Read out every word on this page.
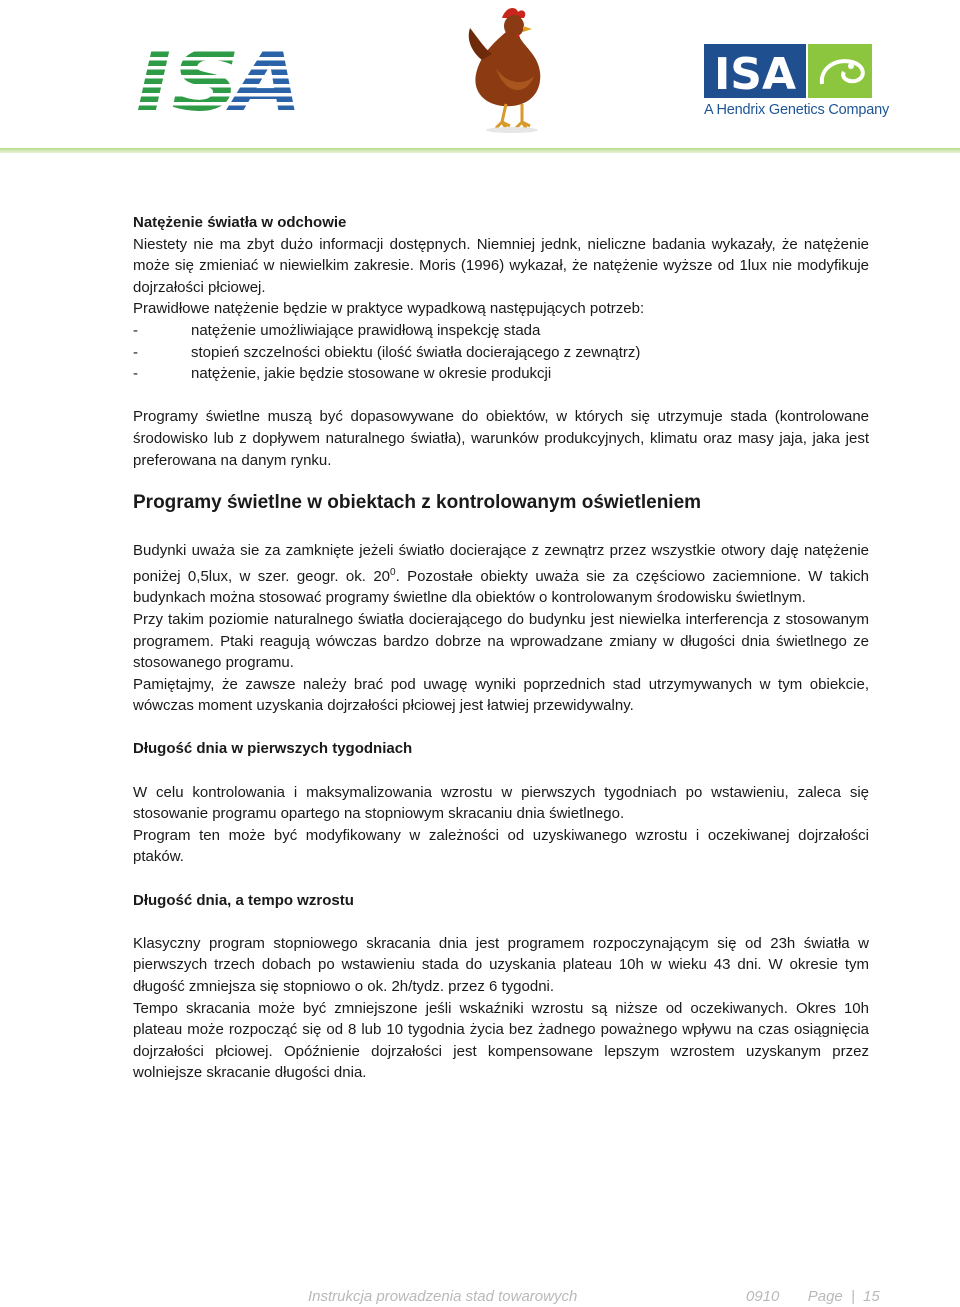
ISA
A Hendrix Genetics Company
Natężenie światła w odchowie

Niestety nie ma zbyt dużo informacji dostępnych. Niemniej jednk, nieliczne badania wykazały, że natężenie może się zmieniać w niewielkim zakresie. Moris (1996) wykazał, że natężenie wyższe od 1lux nie modyfikuje dojrzałości płciowej.

Prawidłowe natężenie będzie w praktyce wypadkową następujących potrzeb:

-	natężenie umożliwiające prawidłową inspekcję stada
-	stopień szczelności obiektu (ilość światła docierającego z zewnątrz)
-	natężenie, jakie będzie stosowane w okresie produkcji

Programy świetlne muszą być dopasowywane do obiektów, w których się utrzymuje stada (kontrolowane środowisko lub z dopływem naturalnego światła), warunków produkcyjnych, klimatu oraz masy jaja, jaka jest preferowana na danym rynku.

Programy świetlne w obiektach z kontrolowanym oświetleniem

Budynki uważa sie za zamknięte jeżeli światło docierające z zewnątrz przez wszystkie otwory daję natężenie poniżej 0,5lux, w szer. geogr. ok. $20^0$. Pozostałe obiekty uważa sie za częściowo zaciemnione. W takich budynkach można stosować programy świetlne dla obiektów o kontrolowanym środowisku świetlnym.

Przy takim poziomie naturalnego światła docierającego do budynku jest niewielka interferencja z stosowanym programem. Ptaki reagują wówczas bardzo dobrze na wprowadzane zmiany w długości dnia świetlnego ze stosowanego programu.

Pamiętajmy, że zawsze należy brać pod uwagę wyniki poprzednich stad utrzymywanych w tym obiekcie, wówczas moment uzyskania dojrzałości płciowej jest łatwiej przewidywalny.

Długość dnia w pierwszych tygodniach

W celu kontrolowania i maksymalizowania wzrostu w pierwszych tygodniach po wstawieniu, zaleca się stosowanie programu opartego na stopniowym skracaniu dnia świetlnego.

Program ten może być modyfikowany w zależności od uzyskiwanego wzrostu i oczekiwanej dojrzałości ptaków.

Długość dnia, a tempo wzrostu

Klasyczny program stopniowego skracania dnia jest programem rozpoczynającym się od 23h światła w pierwszych trzech dobach po wstawieniu stada do uzyskania plateau 10h w wieku 43 dni. W okresie tym długość zmniejsza się stopniowo o ok. 2h/tydz. przez 6 tygodni.

Tempo skracania może być zmniejszone jeśli wskaźniki wzrostu są niższe od oczekiwanych. Okres 10h plateau może rozpocząć się od 8 lub 10 tygodnia życia bez żadnego poważnego wpływu na czas osiągnięcia dojrzałości płciowej. Opóźnienie dojrzałości jest kompensowane lepszym wzrostem uzyskanym przez wolniejsze skracanie długości dnia.

Instrukcja prowadzenia stad towarowych	0910 Page | 15
